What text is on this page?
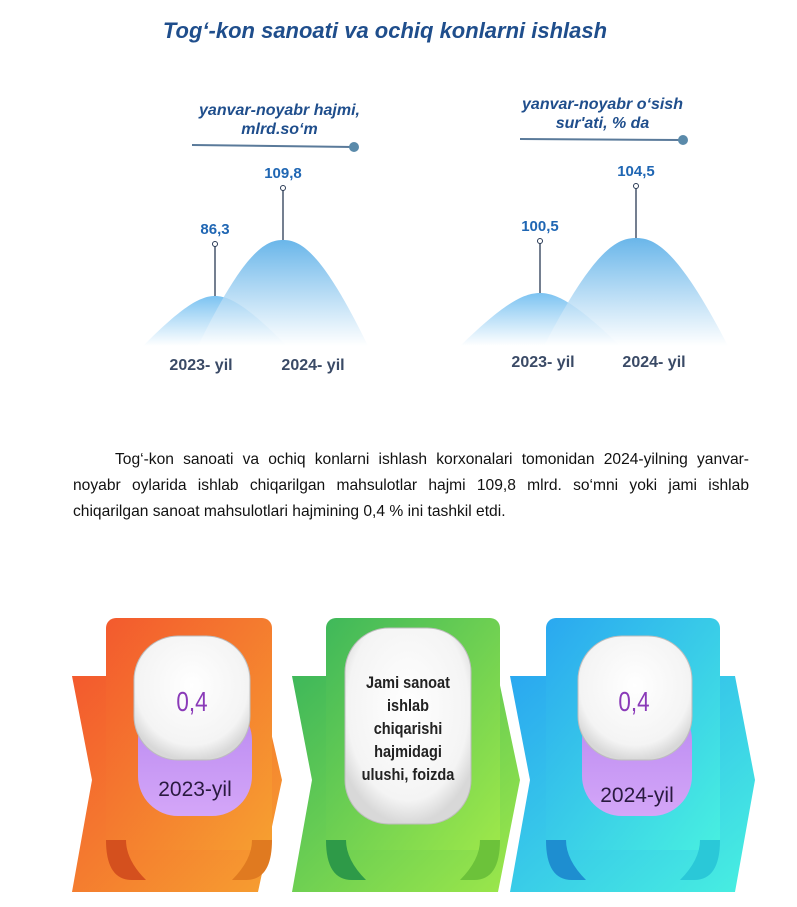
Tog‘-kon sanoati va ochiq konlarni ishlash
yanvar-noyabr hajmi, mlrd.so‘m
86,3
109,8
2023- yil	2024- yil
100,5
104,5
2023- yil	2024- yil
yanvar-noyabr o‘sish sur'ati, % da
Tog‘-kon sanoati va ochiq konlarni ishlash korxonalari tomonidan 2024-yilning yanvar-noyabr oylarida ishlab chiqarilgan mahsulotlar hajmi 109,8 mlrd. so‘mni yoki jami ishlab chiqarilgan sanoat mahsulotlari hajmining 0,4 % ini tashkil etdi.
0,4
2023-yil
Jami sanoat ishlab chiqarishi hajmidagi ulushi, foizda
0,4
2024-yil
